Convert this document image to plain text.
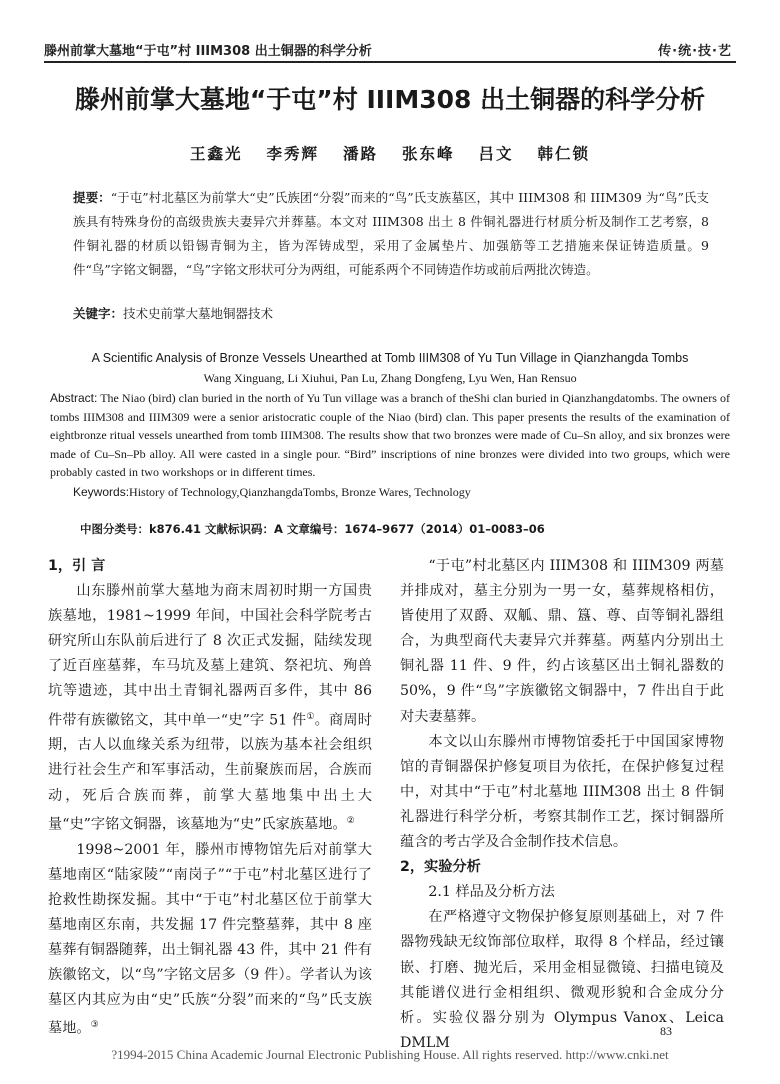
滕州前掌大墓地“于屯”村 IIIM308 出土铜器的科学分析	传·统·技·艺
滕州前掌大墓地“于屯”村 IIIM308 出土铜器的科学分析
王鑫光 李秀辉 潘路 张东峰 吕文 韩仁锁
提要：“于屯”村北墓区为前掌大“史”氏族团“分裂”而来的“鸟”氏支族墓区，其中 IIIM308 和 IIIM309 为“鸟”氏支族具有特殊身份的高级贵族夫妻异穴并葬墓。本文对 IIIM308 出土 8 件铜礼器进行材质分析及制作工艺考察，8 件铜礼器的材质以铅锡青铜为主，皆为浑铸成型，采用了金属垫片、加强筋等工艺措施来保证铸造质量。9 件“鸟”字铭文铜器，“鸟”字铭文形状可分为两组，可能系两个不同铸造作坊或前后两批次铸造。
关键字：技术史前掌大墓地铜器技术
A Scientific Analysis of Bronze Vessels Unearthed at Tomb IIIM308 of Yu Tun Village in Qianzhangda Tombs
Wang Xinguang, Li Xiuhui, Pan Lu, Zhang Dongfeng, Lyu Wen, Han Rensuo
Abstract: The Niao (bird) clan buried in the north of Yu Tun village was a branch of theShi clan buried in Qianzhangdatombs. The owners of tombs IIIM308 and IIIM309 were a senior aristocratic couple of the Niao (bird) clan. This paper presents the results of the examination of eightbronze ritual vessels unearthed from tomb IIIM308. The results show that two bronzes were made of Cu–Sn alloy, and six bronzes were made of Cu–Sn–Pb alloy. All were casted in a single pour. “Bird” inscriptions of nine bronzes were divided into two groups, which were probably casted in two workshops or in different times.
Keywords:History of Technology,QianzhangdaTombs, Bronze Wares, Technology
中图分类号：k876.41 文献标识码：A 文章编号：1674–9677（2014）01–0083–06
1，引 言

山东滕州前掌大墓地为商末周初时期一方国贵族墓地，1981~1999 年间，中国社会科学院考古研究所山东队前后进行了 8 次正式发掘，陆续发现了近百座墓葬，车马坑及墓上建筑、祭祀坑、殉兽坑等遗迹，其中出土青铜礼器两百多件，其中 86 件带有族徽铭文，其中单一“史”字 51 件①。商周时期，古人以血缘关系为纽带，以族为基本社会组织进行社会生产和军事活动，生前聚族而居，合族而动，死后合族而葬，前掌大墓地集中出土大量“史”字铭文铜器，该墓地为“史”氏家族墓地。②

1998~2001 年，滕州市博物馆先后对前掌大墓地南区“陆家陵”“南岗子”“于屯”村北墓区进行了抢救性勘探发掘。其中“于屯”村北墓区位于前掌大墓地南区东南，共发掘 17 件完整墓葬，其中 8 座墓葬有铜器随葬，出土铜礼器 43 件，其中 21 件有族徽铭文，以“鸟”字铭文居多（9 件）。学者认为该墓区内其应为由“史”氏族“分裂”而来的“鸟”氏支族墓地。③

“于屯”村北墓区内 IIIM308 和 IIIM309 两墓并排成对，墓主分别为一男一女，墓葬规格相仿，皆使用了双爵、双觚、鼎、簋、尊、卣等铜礼器组合，为典型商代夫妻异穴并葬墓。两墓内分别出土铜礼器 11 件、9 件，约占该墓区出土铜礼器数的 50%，9 件“鸟”字族徽铭文铜器中，7 件出自于此对夫妻墓葬。

本文以山东滕州市博物馆委托于中国国家博物馆的青铜器保护修复项目为依托，在保护修复过程中，对其中“于屯”村北墓地 IIIM308 出土 8 件铜礼器进行科学分析，考察其制作工艺，探讨铜器所蕴含的考古学及合金制作技术信息。

2，实验分析
2.1 样品及分析方法

在严格遵守文物保护修复原则基础上，对 7 件器物残缺无纹饰部位取样，取得 8 个样品，经过镶嵌、打磨、抛光后，采用金相显微镜、扫描电镜及其能谱仪进行金相组织、微观形貌和合金成分分析。实验仪器分别为 Olympus Vanox、Leica DMLM

83
?1994-2015 China Academic Journal Electronic Publishing House. All rights reserved. http://www.cnki.net
